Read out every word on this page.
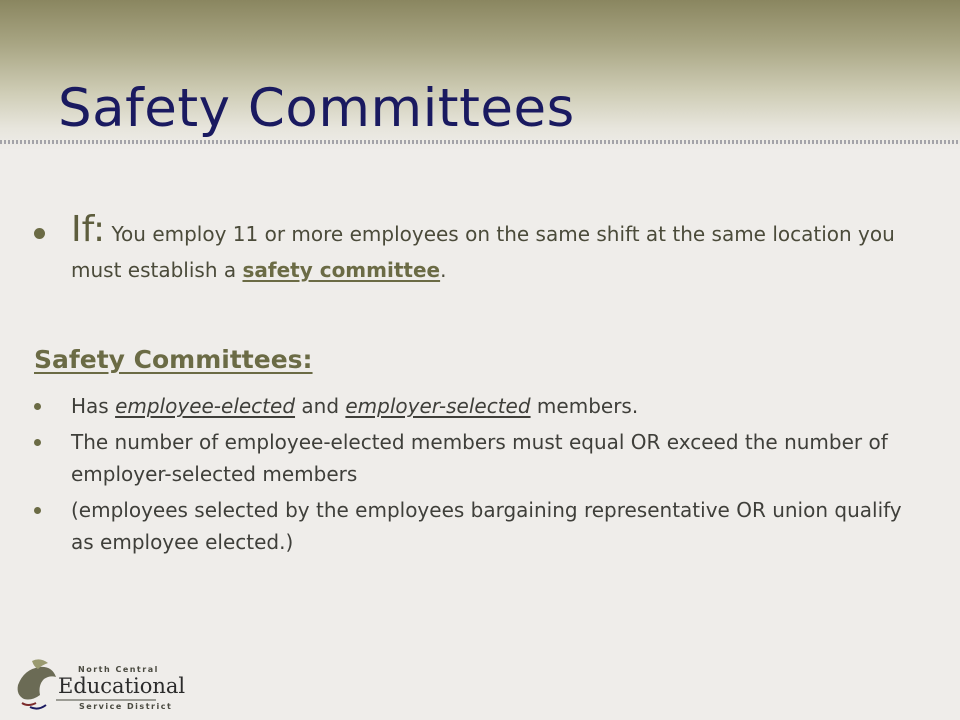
Safety Committees
If: You employ 11 or more employees on the same shift at the same location you must establish a safety committee.
Safety Committees:
Has employee-elected and employer-selected members.
The number of employee-elected members must equal OR exceed the number of employer-selected members
(employees selected by the employees bargaining representative OR union qualify as employee elected.)
North Central
Educational
Service District
